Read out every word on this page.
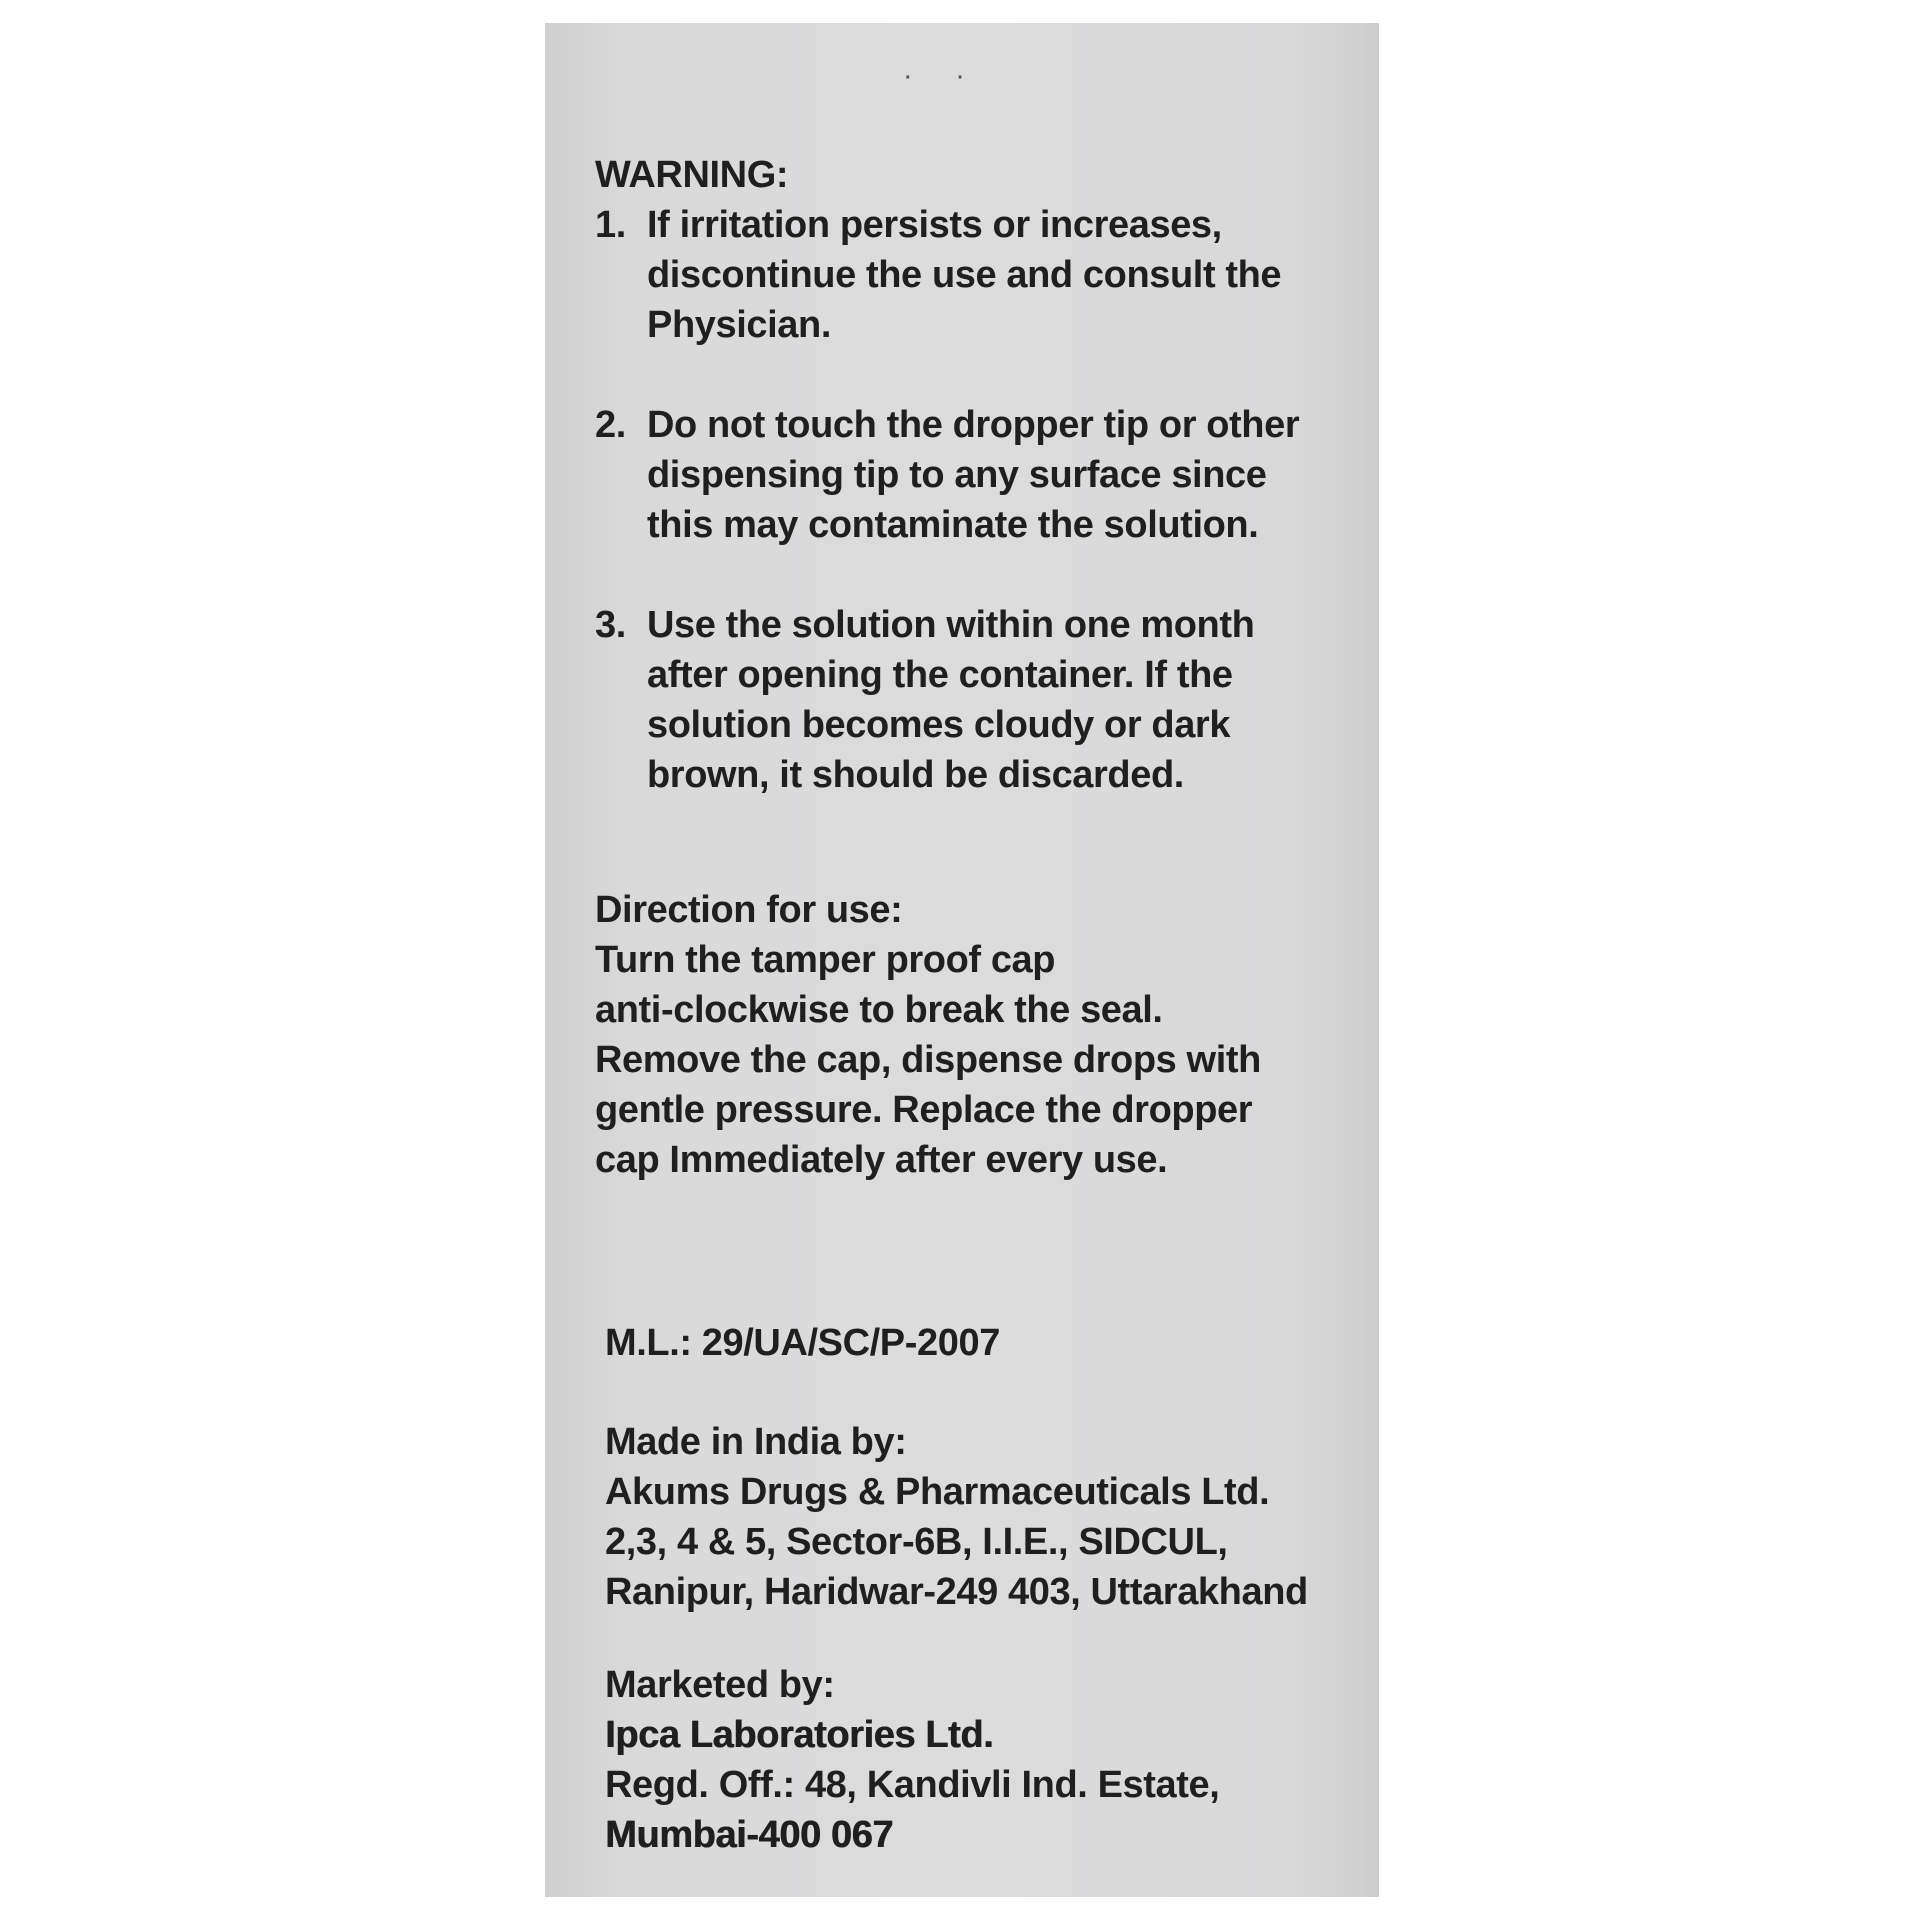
· ·

WARNING:

1. If irritation persists or increases,
discontinue the use and consult the
Physician.
2. Do not touch the dropper tip or other
dispensing tip to any surface since
this may contaminate the solution.
3. Use the solution within one month
after opening the container. If the
solution becomes cloudy or dark
brown, it should be discarded.

Direction for use:

Turn the tamper proof cap
anti-clockwise to break the seal.
Remove the cap, dispense drops with
gentle pressure. Replace the dropper
cap Immediately after every use.

M.L.: 29/UA/SC/P-2007

Made in India by:

Akums Drugs & Pharmaceuticals Ltd.
2,3, 4 & 5, Sector-6B, I.I.E., SIDCUL,
Ranipur, Haridwar-249 403, Uttarakhand

Marketed by:

Ipca Laboratories Ltd.

Regd. Off.: 48, Kandivli Ind. Estate,

Mumbai-400 067
